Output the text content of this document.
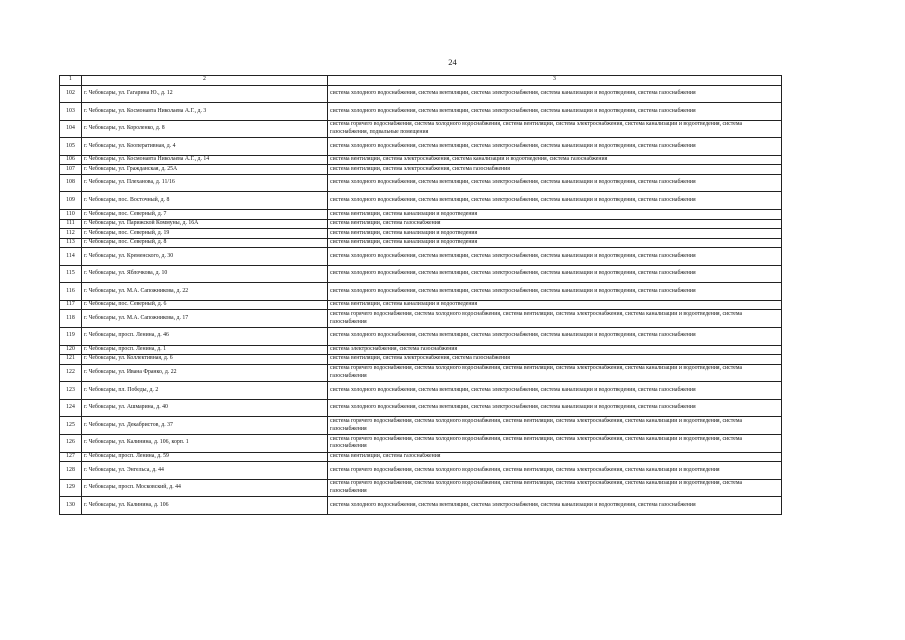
24
1	2	3
102	г. Чебоксары, ул. Гагарина Ю., д. 12	система холодного водоснабжения, система вентиляции, система электроснабжения, система канализации и водоотведения, система газоснабжения
103	г. Чебоксары, ул. Космонавта Николаева А.Г., д. 3	система холодного водоснабжения, система вентиляции, система электроснабжения, система канализации и водоотведения, система газоснабжения
104	г. Чебоксары, ул. Короленко, д. 8	система горячего водоснабжения, система холодного водоснабжения, система вентиляции, система электроснабжения, система канализации и водоотведения, система газоснабжения, подвальные помещения
105	г. Чебоксары, ул. Кооперативная, д. 4	система холодного водоснабжения, система вентиляции, система электроснабжения, система канализации и водоотведения, система газоснабжения
106	г. Чебоксары, ул. Космонавта Николаева А.Г., д. 14	система вентиляции, система электроснабжения, система канализации и водоотведения, система газоснабжения
107	г. Чебоксары, ул. Гражданская, д. 25А	система вентиляции, система электроснабжения, система газоснабжения
108	г. Чебоксары, ул. Плеханова, д. 11/16	система холодного водоснабжения, система вентиляции, система электроснабжения, система канализации и водоотведения, система газоснабжения
109	г. Чебоксары, пос. Восточный, д. 8	система холодного водоснабжения, система вентиляции, система электроснабжения, система канализации и водоотведения, система газоснабжения
110	г. Чебоксары, пос. Северный, д. 7	система вентиляции, система канализации и водоотведения
111	г. Чебоксары, ул. Парижской Коммуны, д. 16А	система вентиляции, система газоснабжения
112	г. Чебоксары, пос. Северный, д. 19	система вентиляции, система канализации и водоотведения
113	г. Чебоксары, пос. Северный, д. 8	система вентиляции, система канализации и водоотведения
114	г. Чебоксары, ул. Кременского, д. 30	система холодного водоснабжения, система вентиляции, система электроснабжения, система канализации и водоотведения, система газоснабжения
115	г. Чебоксары, ул. Яблочкова, д. 10	система холодного водоснабжения, система вентиляции, система электроснабжения, система канализации и водоотведения, система газоснабжения
116	г. Чебоксары, ул. М.А. Сапожникова, д. 22	система холодного водоснабжения, система вентиляции, система электроснабжения, система канализации и водоотведения, система газоснабжения
117	г. Чебоксары, пос. Северный, д. 6	система вентиляции, система канализации и водоотведения
118	г. Чебоксары, ул. М.А. Сапожникова, д. 17	система горячего водоснабжения, система холодного водоснабжения, система вентиляции, система электроснабжения, система канализации и водоотведения, система газоснабжения
119	г. Чебоксары, просп. Ленина, д. 46	система холодного водоснабжения, система вентиляции, система электроснабжения, система канализации и водоотведения, система газоснабжения
120	г. Чебоксары, просп. Ленина, д. 1	система электроснабжения, система газоснабжения
121	г. Чебоксары, ул. Коллективная, д. 6	система вентиляции, система электроснабжения, система газоснабжения
122	г. Чебоксары, ул. Ивана Франко, д. 22	система горячего водоснабжения, система холодного водоснабжения, система вентиляции, система электроснабжения, система канализации и водоотведения, система газоснабжения
123	г. Чебоксары, пл. Победы, д. 2	система холодного водоснабжения, система вентиляции, система электроснабжения, система канализации и водоотведения, система газоснабжения
124	г. Чебоксары, ул. Ашмарина, д. 40	система холодного водоснабжения, система вентиляции, система электроснабжения, система канализации и водоотведения, система газоснабжения
125	г. Чебоксары, ул. Декабристов, д. 37	система горячего водоснабжения, система холодного водоснабжения, система вентиляции, система электроснабжения, система канализации и водоотведения, система газоснабжения
126	г. Чебоксары, ул. Калинина, д. 106, корп. 1	система горячего водоснабжения, система холодного водоснабжения, система вентиляции, система электроснабжения, система канализации и водоотведения, система газоснабжения
127	г. Чебоксары, просп. Ленина, д. 59	система вентиляции, система газоснабжения
128	г. Чебоксары, ул. Энгельса, д. 44	система горячего водоснабжения, система холодного водоснабжения, система вентиляции, система электроснабжения, система канализации и водоотведения
129	г. Чебоксары, просп. Московский, д. 44	система горячего водоснабжения, система холодного водоснабжения, система вентиляции, система электроснабжения, система канализации и водоотведения, система газоснабжения
130	г. Чебоксары, ул. Калинина, д. 106	система холодного водоснабжения, система вентиляции, система электроснабжения, система канализации и водоотведения, система газоснабжения
